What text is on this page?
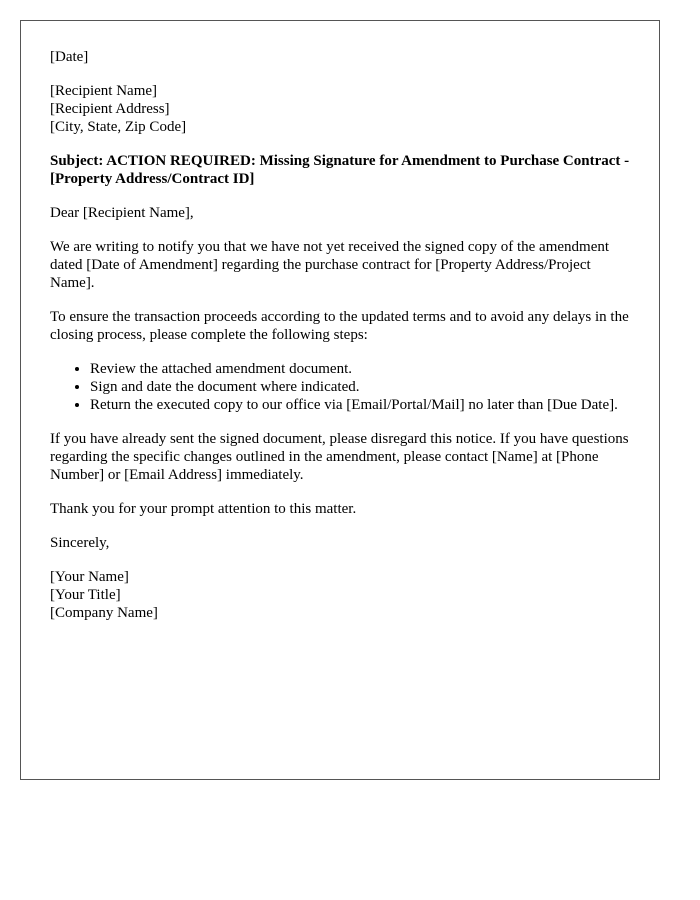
[Date]
[Recipient Name]
[Recipient Address]
[City, State, Zip Code]
Subject: ACTION REQUIRED: Missing Signature for Amendment to Purchase Contract - [Property Address/Contract ID]
Dear [Recipient Name],
We are writing to notify you that we have not yet received the signed copy of the amendment dated [Date of Amendment] regarding the purchase contract for [Property Address/Project Name].
To ensure the transaction proceeds according to the updated terms and to avoid any delays in the closing process, please complete the following steps:
• Review the attached amendment document.
• Sign and date the document where indicated.
• Return the executed copy to our office via [Email/Portal/Mail] no later than [Due Date].
If you have already sent the signed document, please disregard this notice. If you have questions regarding the specific changes outlined in the amendment, please contact [Name] at [Phone Number] or [Email Address] immediately.
Thank you for your prompt attention to this matter.
Sincerely,
[Your Name]
[Your Title]
[Company Name]
